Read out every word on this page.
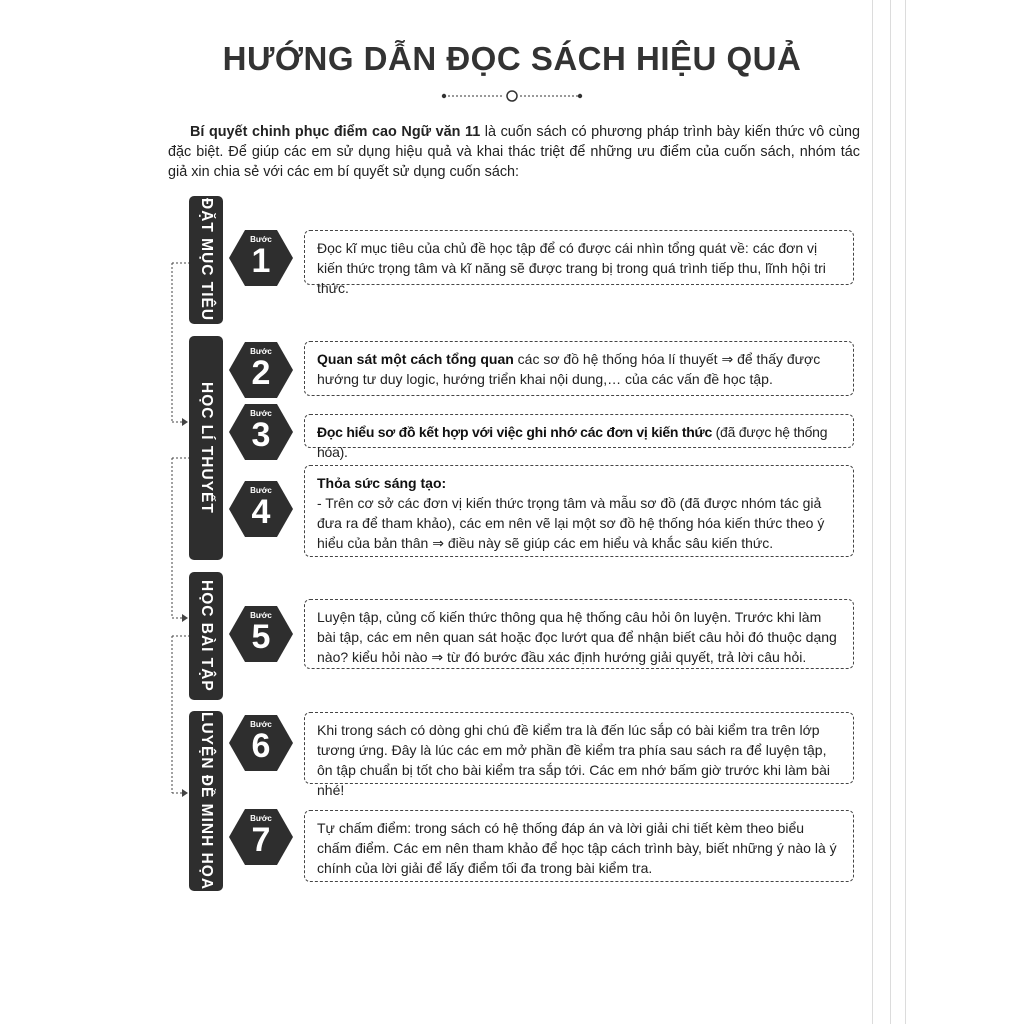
HƯỚNG DẪN ĐỌC SÁCH HIỆU QUẢ
Bí quyết chinh phục điểm cao Ngữ văn 11 là cuốn sách có phương pháp trình bày kiến thức vô cùng đặc biệt. Để giúp các em sử dụng hiệu quả và khai thác triệt để những ưu điểm của cuốn sách, nhóm tác giả xin chia sẻ với các em bí quyết sử dụng cuốn sách:
ĐẶT MỤC TIÊU
HỌC LÍ THUYẾT
HỌC BÀI TẬP
LUYỆN ĐỀ MINH HỌA
Bước
1	Đọc kĩ mục tiêu của chủ đề học tập để có được cái nhìn tổng quát về: các đơn vị kiến thức trọng tâm và kĩ năng sẽ được trang bị trong quá trình tiếp thu, lĩnh hội tri thức.
Bước
2	Quan sát một cách tổng quan các sơ đồ hệ thống hóa lí thuyết ⇒ để thấy được hướng tư duy logic, hướng triển khai nội dung,… của các vấn đề học tập.
Bước
3	Đọc hiểu sơ đồ kết hợp với việc ghi nhớ các đơn vị kiến thức (đã được hệ thống hóa).
Bước
4
Thỏa sức sáng tạo:
- Trên cơ sở các đơn vị kiến thức trọng tâm và mẫu sơ đồ (đã được nhóm tác giả đưa ra để tham khảo), các em nên vẽ lại một sơ đồ hệ thống hóa kiến thức theo ý hiểu của bản thân ⇒ điều này sẽ giúp các em hiểu và khắc sâu kiến thức.
Bước
5
Luyện tập, củng cố kiến thức thông qua hệ thống câu hỏi ôn luyện. Trước khi làm bài tập, các em nên quan sát hoặc đọc lướt qua để nhận biết câu hỏi đó thuộc dạng nào? kiểu hỏi nào ⇒ từ đó bước đầu xác định hướng giải quyết, trả lời câu hỏi.
Bước
6	Khi trong sách có dòng ghi chú đề kiểm tra là đến lúc sắp có bài kiểm tra trên lớp tương ứng. Đây là lúc các em mở phần đề kiểm tra phía sau sách ra để luyện tập, ôn tập chuẩn bị tốt cho bài kiểm tra sắp tới. Các em nhớ bấm giờ trước khi làm bài nhé!
Bước
7	Tự chấm điểm: trong sách có hệ thống đáp án và lời giải chi tiết kèm theo biểu chấm điểm. Các em nên tham khảo để học tập cách trình bày, biết những ý nào là ý chính của lời giải để lấy điểm tối đa trong bài kiểm tra.
